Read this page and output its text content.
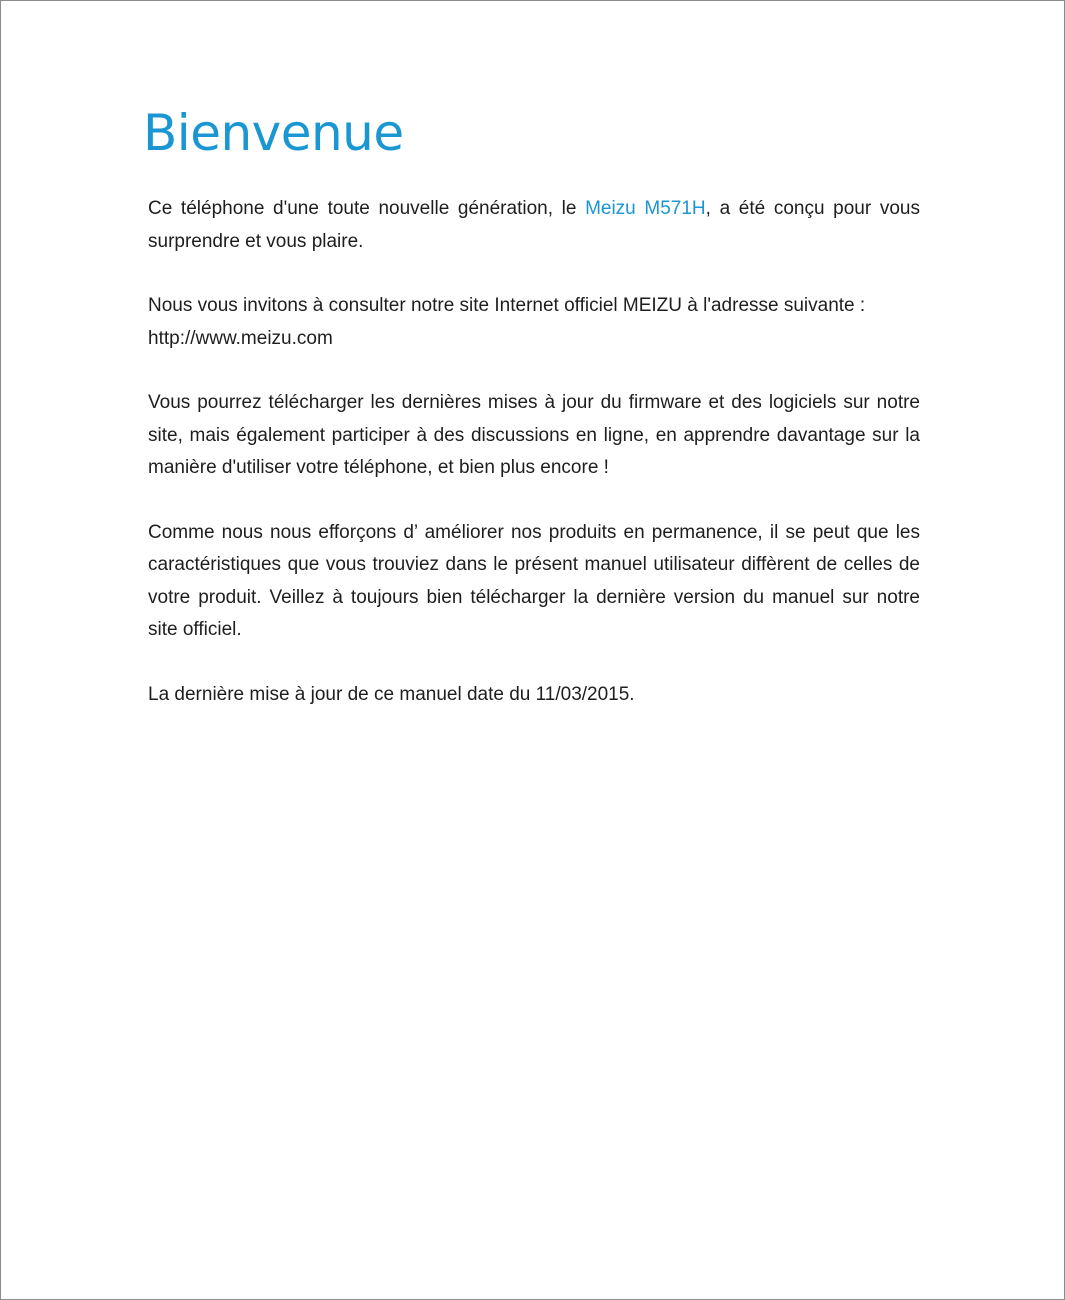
Bienvenue

Ce téléphone d'une toute nouvelle génération, le Meizu M571H, a été conçu pour vous surprendre et vous plaire.

Nous vous invitons à consulter notre site Internet officiel MEIZU à l'adresse suivante :
http://www.meizu.com

Vous pourrez télécharger les dernières mises à jour du firmware et des logiciels sur notre site, mais également participer à des discussions en ligne, en apprendre davantage sur la manière d'utiliser votre téléphone, et bien plus encore !

Comme nous nous efforçons d’ améliorer nos produits en permanence, il se peut que les caractéristiques que vous trouviez dans le présent manuel utilisateur diffèrent de celles de votre produit. Veillez à toujours bien télécharger la dernière version du manuel sur notre site officiel.

La dernière mise à jour de ce manuel date du 11/03/2015.
